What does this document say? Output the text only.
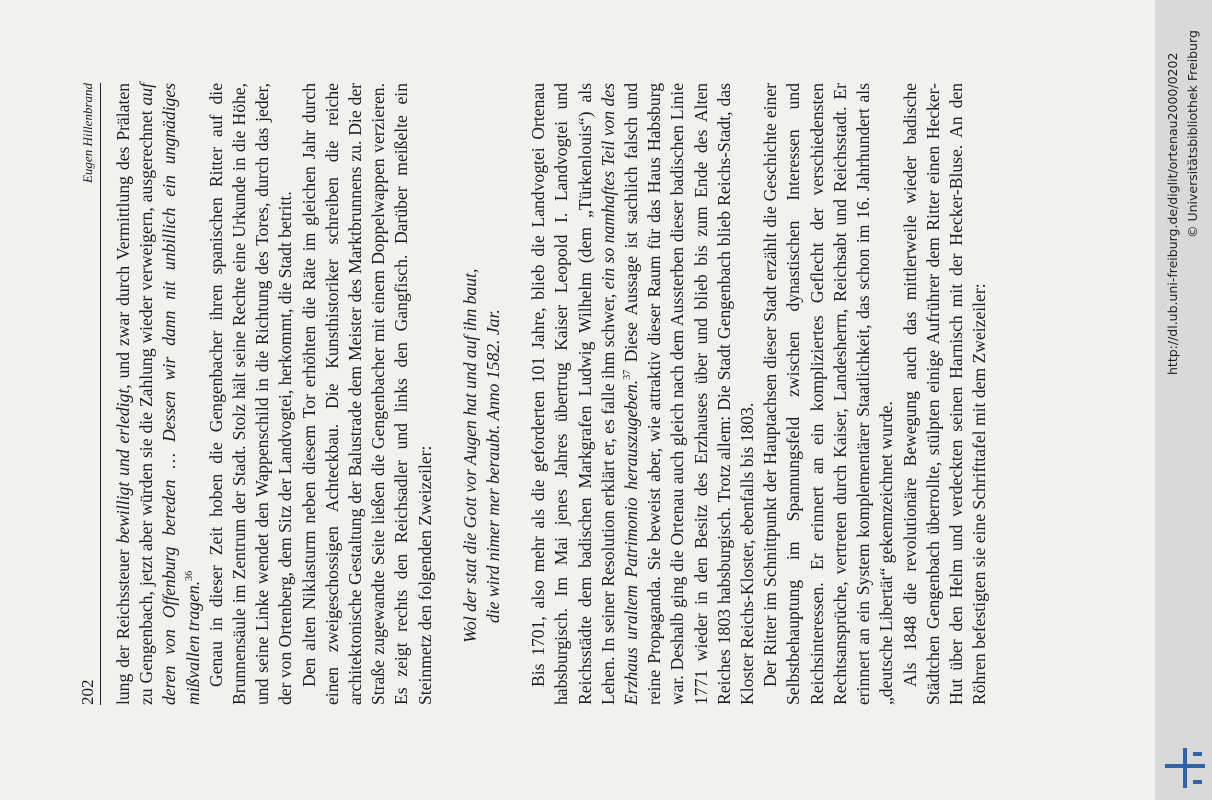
202
Eugen Hillenbrand

lung der Reichssteuer bewilligt und erledigt, und zwar durch Vermittlung des Prälaten zu Gengenbach, jetzt aber würden sie die Zahlung wieder verweigern, ausgerechnet auf deren von Offenburg bereden … Dessen wir dann nit unbillich ein ungnädiges mißvallen tragen.$^{36}$ Genau in dieser Zeit hoben die Gengenbacher ihren spanischen Ritter auf die Brunnensäule im Zentrum der Stadt. Stolz hält seine Rechte eine Urkunde in die Höhe, und seine Linke wendet den Wappenschild in die Richtung des Tores, durch das jeder, der von Ortenberg, dem Sitz der Landvogtei, herkommt, die Stadt betritt. Den alten Niklasturm neben diesem Tor erhöhten die Räte im gleichen Jahr durch einen zweigeschossigen Achteckbau. Die Kunsthistoriker schreiben die reiche architektonische Gestaltung der Balustrade dem Meister des Marktbrunnens zu. Die der Straße zugewandte Seite ließen die Gengenbacher mit einem Doppelwappen verzieren. Es zeigt rechts den Reichsadler und links den Gangfisch. Darüber meißelte ein Steinmetz den folgenden Zweizeiler: Wol der stat die Gott vor Augen hat und auf ihn baut, die wird nimer mer beraubt. Anno 1582. Jar. Bis 1701, also mehr als die geforderten 101 Jahre, blieb die Landvogtei Ortenau habsburgisch. Im Mai jenes Jahres übertrug Kaiser Leopold I. Landvogtei und Reichsstädte dem badischen Markgrafen Ludwig Wilhelm (dem „Türkenlouis“) als Lehen. In seiner Resolution erklärt er, es falle ihm schwer, ein so namhaftes Teil von des Erzhaus uraltem Patrimonio herauszugeben.$^{37}$ Diese Aussage ist sachlich falsch und reine Propaganda. Sie beweist aber, wie attraktiv dieser Raum für das Haus Habsburg war. Deshalb ging die Ortenau auch gleich nach dem Aussterben dieser badischen Linie 1771 wieder in den Besitz des Erzhauses über und blieb bis zum Ende des Alten Reiches 1803 habsburgisch. Trotz allem: Die Stadt Gengenbach blieb Reichs-Stadt, das Kloster Reichs-Kloster, ebenfalls bis 1803. Der Ritter im Schnittpunkt der Hauptachsen dieser Stadt erzählt die Geschichte einer Selbstbehauptung im Spannungsfeld zwischen dynastischen Interessen und Reichsinteressen. Er erinnert an ein kompliziertes Geflecht der verschiedensten Rechtsansprüche, vertreten durch Kaiser, Landesherrn, Reichsabt und Reichsstadt. Er erinnert an ein System komplementärer Staatlichkeit, das schon im 16. Jahrhundert als „deutsche Libertät“ gekennzeichnet wurde. Als 1848 die revolutionäre Bewegung auch das mittlerweile wieder badische Städtchen Gengenbach überrollte, stülpten einige Aufrührer dem Ritter einen Hecker-Hut über den Helm und verdeckten seinen Harnisch mit der Hecker-Bluse. An den Röhren befestigten sie eine Schrifttafel mit dem Zweizeiler:

http://dl.ub.uni-freiburg.de/diglit/ortenau2000/0202 © Universitätsbibliothek Freiburg
